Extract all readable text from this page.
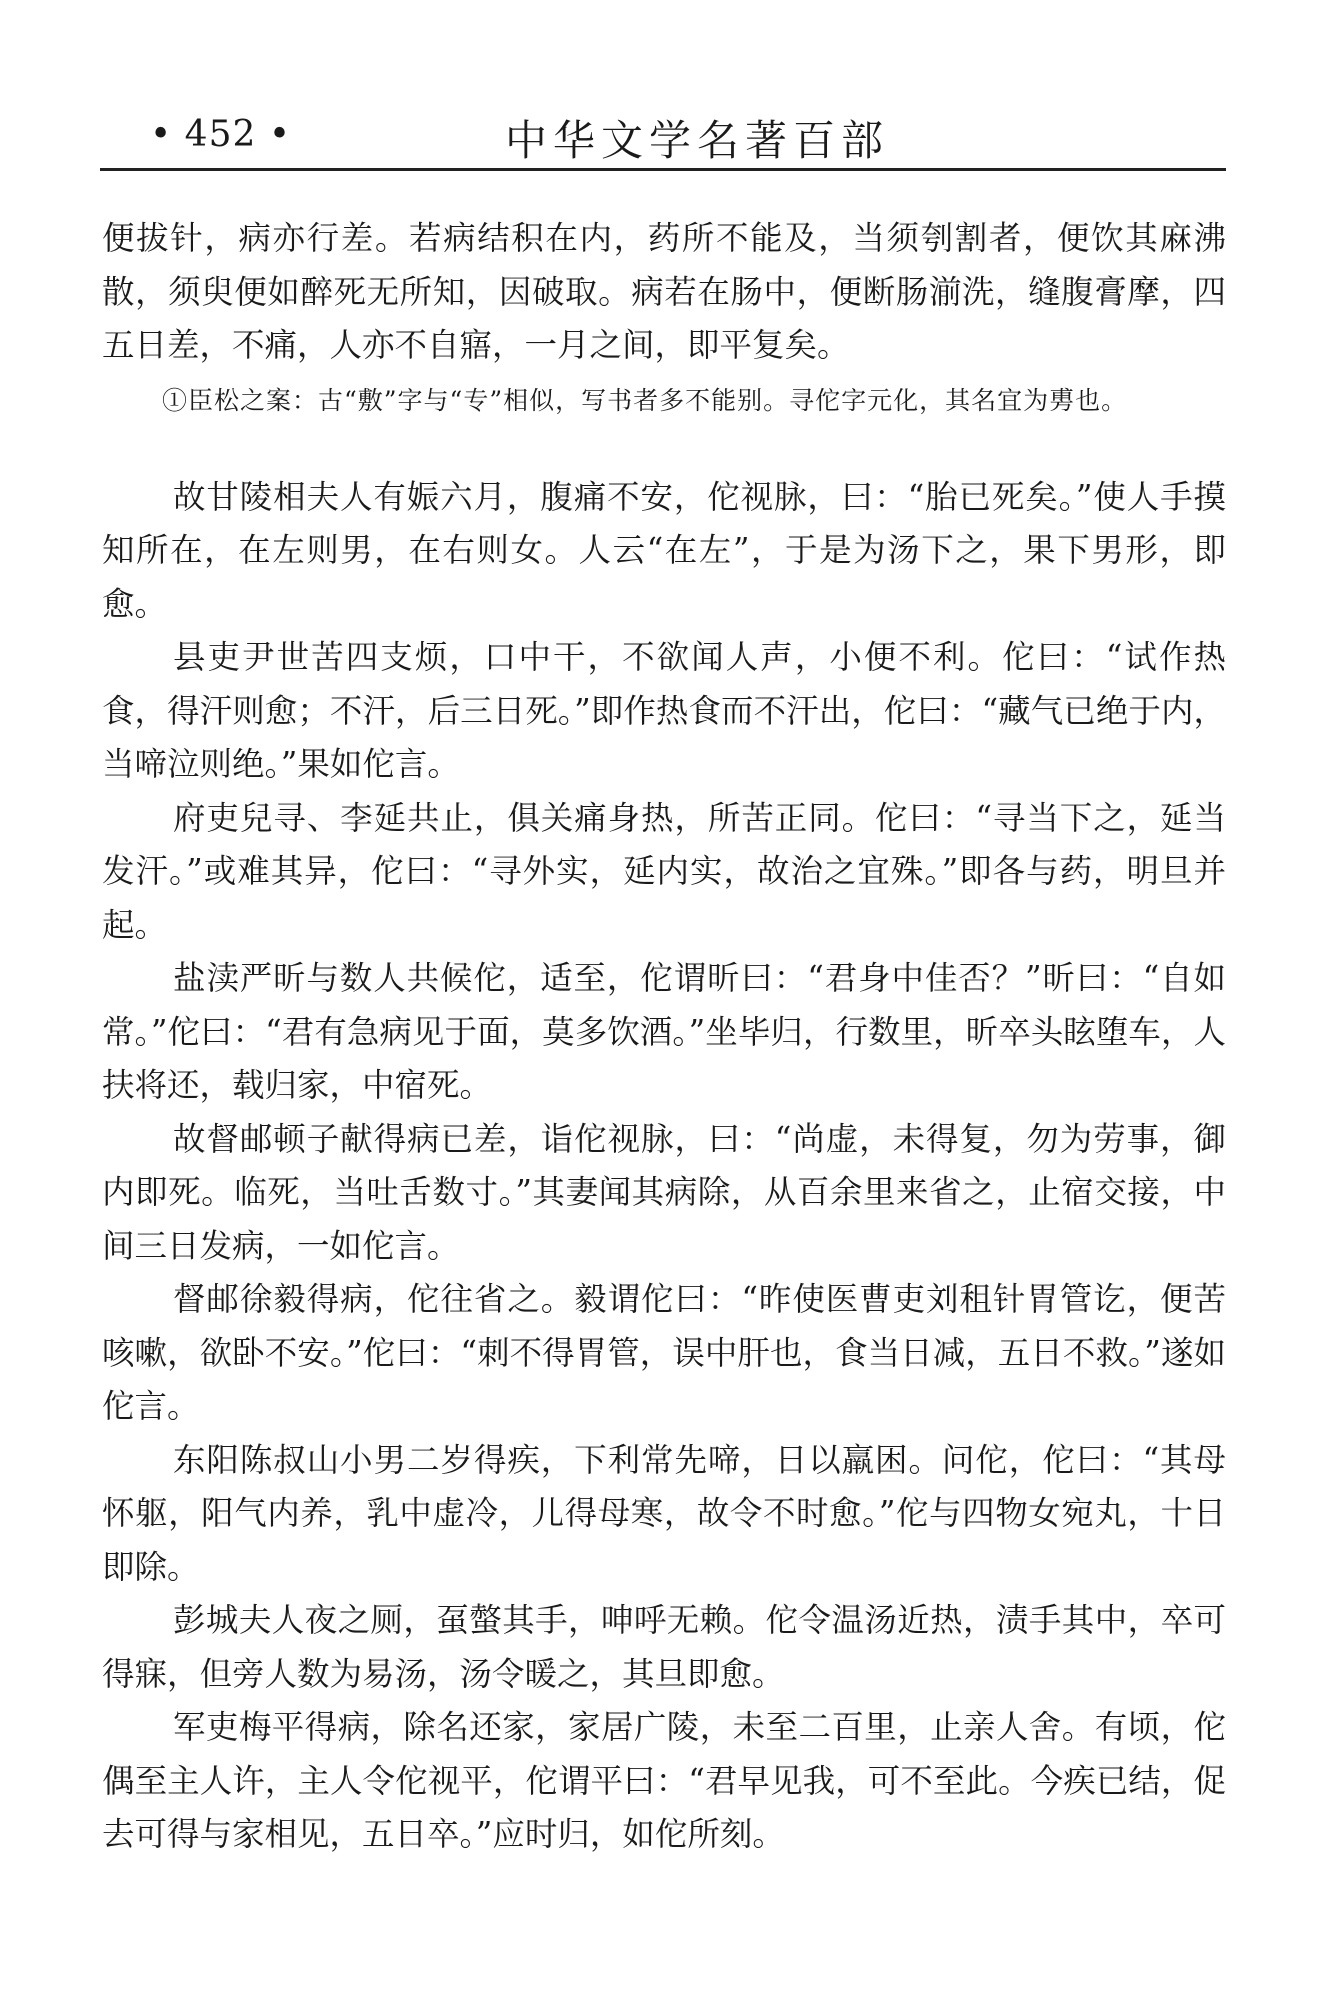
• 452 •	中华文学名著百部

便拔针，病亦行差。若病结积在内，药所不能及，当须刳割者，便饮其麻沸散，须臾便如醉死无所知，因破取。病若在肠中，便断肠湔洗，缝腹膏摩，四五日差，不痛，人亦不自寤，一月之间，即平复矣。

①臣松之案：古“敷”字与“专”相似，写书者多不能别。寻佗字元化，其名宜为旉也。

故甘陵相夫人有娠六月，腹痛不安，佗视脉，曰：“胎已死矣。”使人手摸知所在，在左则男，在右则女。人云“在左”，于是为汤下之，果下男形，即愈。

县吏尹世苦四支烦，口中干，不欲闻人声，小便不利。佗曰：“试作热食，得汗则愈；不汗，后三日死。”即作热食而不汗出，佗曰：“藏气已绝于内，当啼泣则绝。”果如佗言。

府吏兒寻、李延共止，俱关痛身热，所苦正同。佗曰：“寻当下之，延当发汗。”或难其异，佗曰：“寻外实，延内实，故治之宜殊。”即各与药，明旦并起。

盐渎严昕与数人共候佗，适至，佗谓昕曰：“君身中佳否？”昕曰：“自如常。”佗曰：“君有急病见于面，莫多饮酒。”坐毕归，行数里，昕卒头眩堕车，人扶将还，载归家，中宿死。

故督邮顿子献得病已差，诣佗视脉，曰：“尚虚，未得复，勿为劳事，御内即死。临死，当吐舌数寸。”其妻闻其病除，从百余里来省之，止宿交接，中间三日发病，一如佗言。

督邮徐毅得病，佗往省之。毅谓佗曰：“昨使医曹吏刘租针胃管讫，便苦咳嗽，欲卧不安。”佗曰：“刺不得胃管，误中肝也，食当日减，五日不救。”遂如佗言。

东阳陈叔山小男二岁得疾，下利常先啼，日以羸困。问佗，佗曰：“其母怀躯，阳气内养，乳中虚冷，儿得母寒，故令不时愈。”佗与四物女宛丸，十日即除。

彭城夫人夜之厕，虿螫其手，呻呼无赖。佗令温汤近热，渍手其中，卒可得寐，但旁人数为易汤，汤令暖之，其旦即愈。

军吏梅平得病，除名还家，家居广陵，未至二百里，止亲人舍。有顷，佗偶至主人许，主人令佗视平，佗谓平曰：“君早见我，可不至此。今疾已结，促去可得与家相见，五日卒。”应时归，如佗所刻。
